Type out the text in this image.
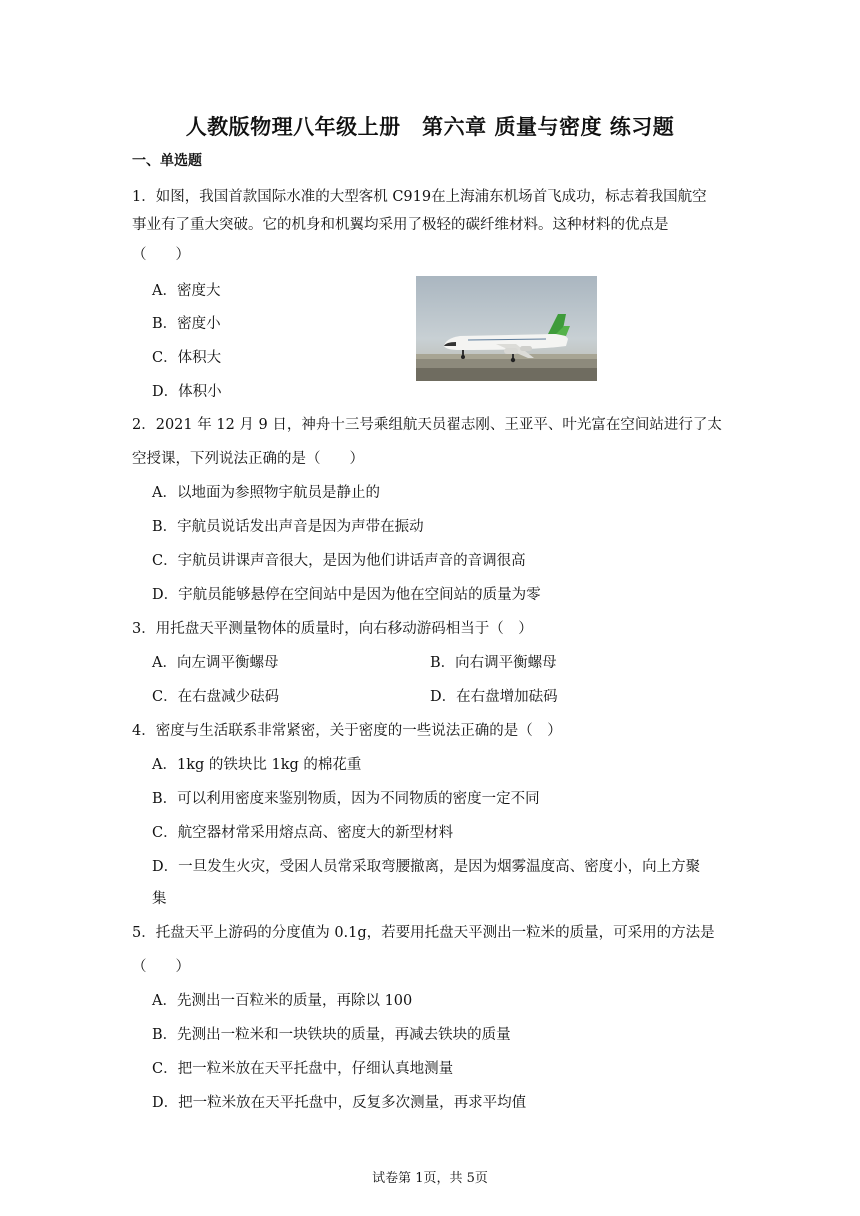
人教版物理八年级上册　第六章 质量与密度 练习题
一、单选题
1．如图，我国首款国际水准的大型客机 C919在上海浦东机场首飞成功，标志着我国航空
事业有了重大突破。它的机身和机翼均采用了极轻的碳纤维材料。这种材料的优点是
（　　）
A．密度大
B．密度小
C．体积大
D．体积小
2．2021 年 12 月 9 日，神舟十三号乘组航天员翟志刚、王亚平、叶光富在空间站进行了太
空授课，下列说法正确的是（　　）
A．以地面为参照物宇航员是静止的
B．宇航员说话发出声音是因为声带在振动
C．宇航员讲课声音很大，是因为他们讲话声音的音调很高
D．宇航员能够悬停在空间站中是因为他在空间站的质量为零
3．用托盘天平测量物体的质量时，向右移动游码相当于（　）
A．向左调平衡螺母	B．向右调平衡螺母
C．在右盘减少砝码	D．在右盘增加砝码
4．密度与生活联系非常紧密，关于密度的一些说法正确的是（　）
A．1kg 的铁块比 1kg 的棉花重
B．可以利用密度来鉴别物质，因为不同物质的密度一定不同
C．航空器材常采用熔点高、密度大的新型材料
D．一旦发生火灾，受困人员常采取弯腰撤离，是因为烟雾温度高、密度小，向上方聚
集
5．托盘天平上游码的分度值为 0.1g，若要用托盘天平测出一粒米的质量，可采用的方法是
（　　）
A．先测出一百粒米的质量，再除以 100
B．先测出一粒米和一块铁块的质量，再减去铁块的质量
C．把一粒米放在天平托盘中，仔细认真地测量
D．把一粒米放在天平托盘中，反复多次测量，再求平均值
试卷第 1页，共 5页
